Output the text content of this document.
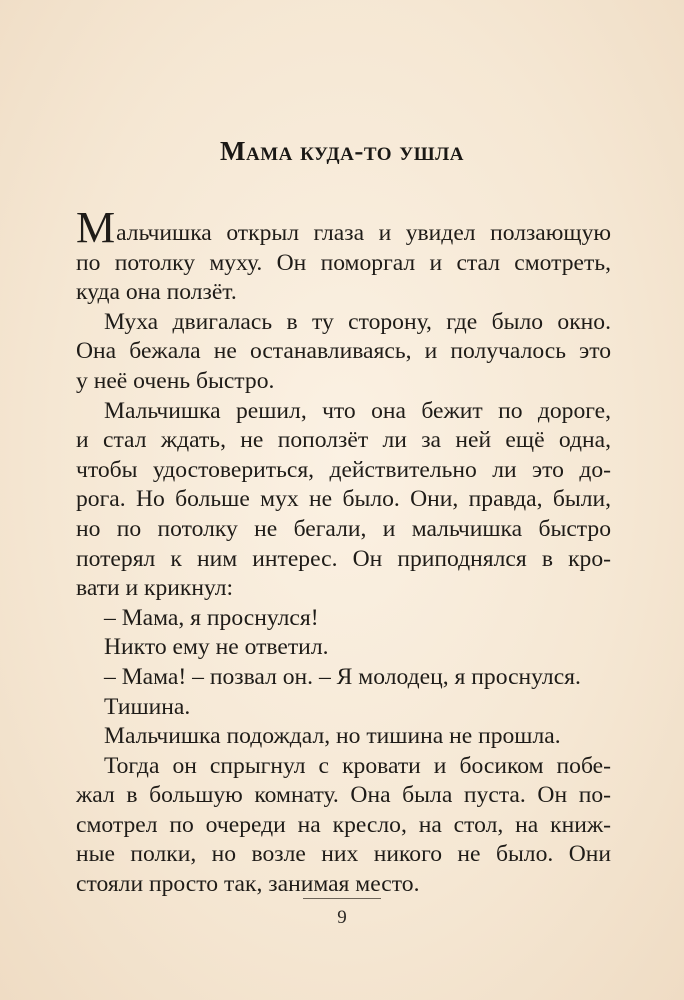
Мама куда-то ушла
Мальчишка открыл глаза и увидел ползающую
по потолку муху. Он поморгал и стал смотреть,
куда она ползёт.
Муха двигалась в ту сторону, где было окно.
Она бежала не останавливаясь, и получалось это
у неё очень быстро.
Мальчишка решил, что она бежит по дороге,
и стал ждать, не поползёт ли за ней ещё одна,
чтобы удостовериться, действительно ли это до-
рога. Но больше мух не было. Они, правда, были,
но по потолку не бегали, и мальчишка быстро
потерял к ним интерес. Он приподнялся в кро-
вати и крикнул:
– Мама, я проснулся!
Никто ему не ответил.
– Мама! – позвал он. – Я молодец, я проснулся.
Тишина.
Мальчишка подождал, но тишина не прошла.
Тогда он спрыгнул с кровати и босиком побе-
жал в большую комнату. Она была пуста. Он по-
смотрел по очереди на кресло, на стол, на книж-
ные полки, но возле них никого не было. Они
стояли просто так, занимая место.
9
